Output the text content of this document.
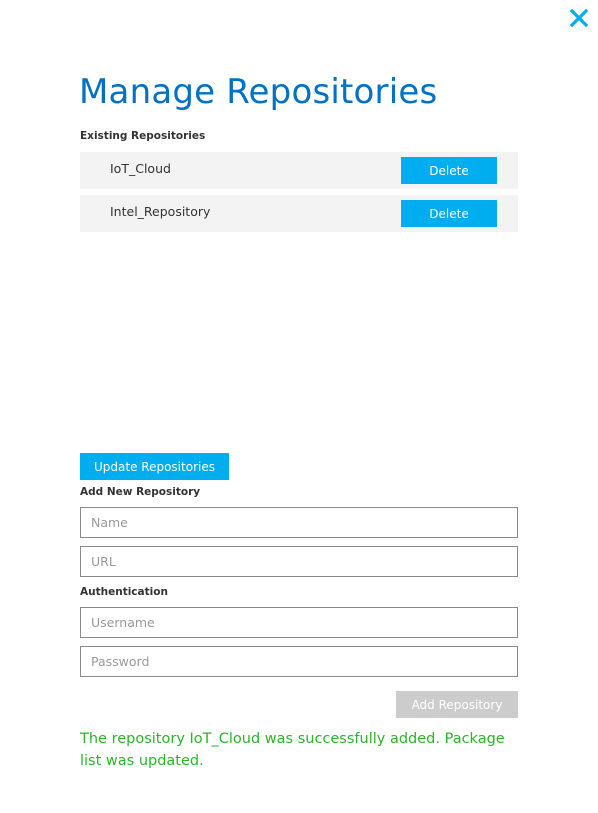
Manage Repositories
Existing Repositories
IoT_Cloud	Delete
Intel_Repository	Delete
Update Repositories
Add New Repository
Name
URL
Authentication
Username
Add Repository

The repository IoT_Cloud was successfully added. Package list was updated.
